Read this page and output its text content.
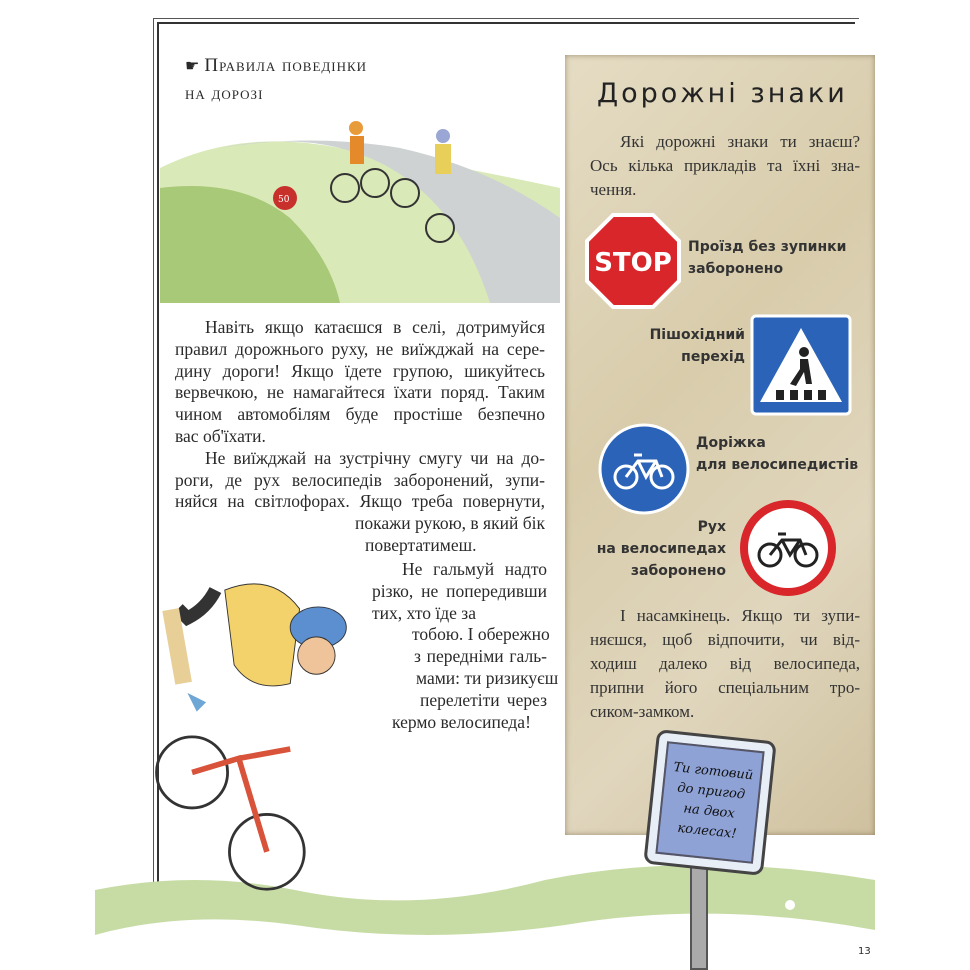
☛ Правила поведінки
на дорозі
50
Навіть якщо катаєшся в селі, дотримуйся
правил дорожнього руху, не виїжджай на сере-
дину дороги! Якщо їдете групою, шикуйтесь
вервечкою, не намагайтеся їхати поряд. Таким
чином автомобілям буде простіше безпечно
вас об'їхати.
Не виїжджай на зустрічну смугу чи на до-
роги, де рух велосипедів заборонений, зупи-
няйся на світлофорах. Якщо треба повернути,
покажи рукою, в який бік
повертатимеш.
Не гальмуй надто
різко, не попередивши тих, хто їде за
тобою. І обережно
з передніми галь-
мами: ти ризикуєш
перелетіти через
кермо велосипеда!
Дорожні знаки
Які дорожні знаки ти знаєш?
Ось кілька прикладів та їхні зна-
чення.
STOP
Проїзд без зупинки
заборонено
Пішохідний
перехід
Доріжка
для велосипедистів
Рух
на велосипедах
заборонено
І насамкінець. Якщо ти зупи-
няєшся, щоб відпочити, чи від-
ходиш далеко від велосипеда,
припни його спеціальним тро-
сиком-замком.
Ти готовий
до пригод
на двох
колесах!
13
